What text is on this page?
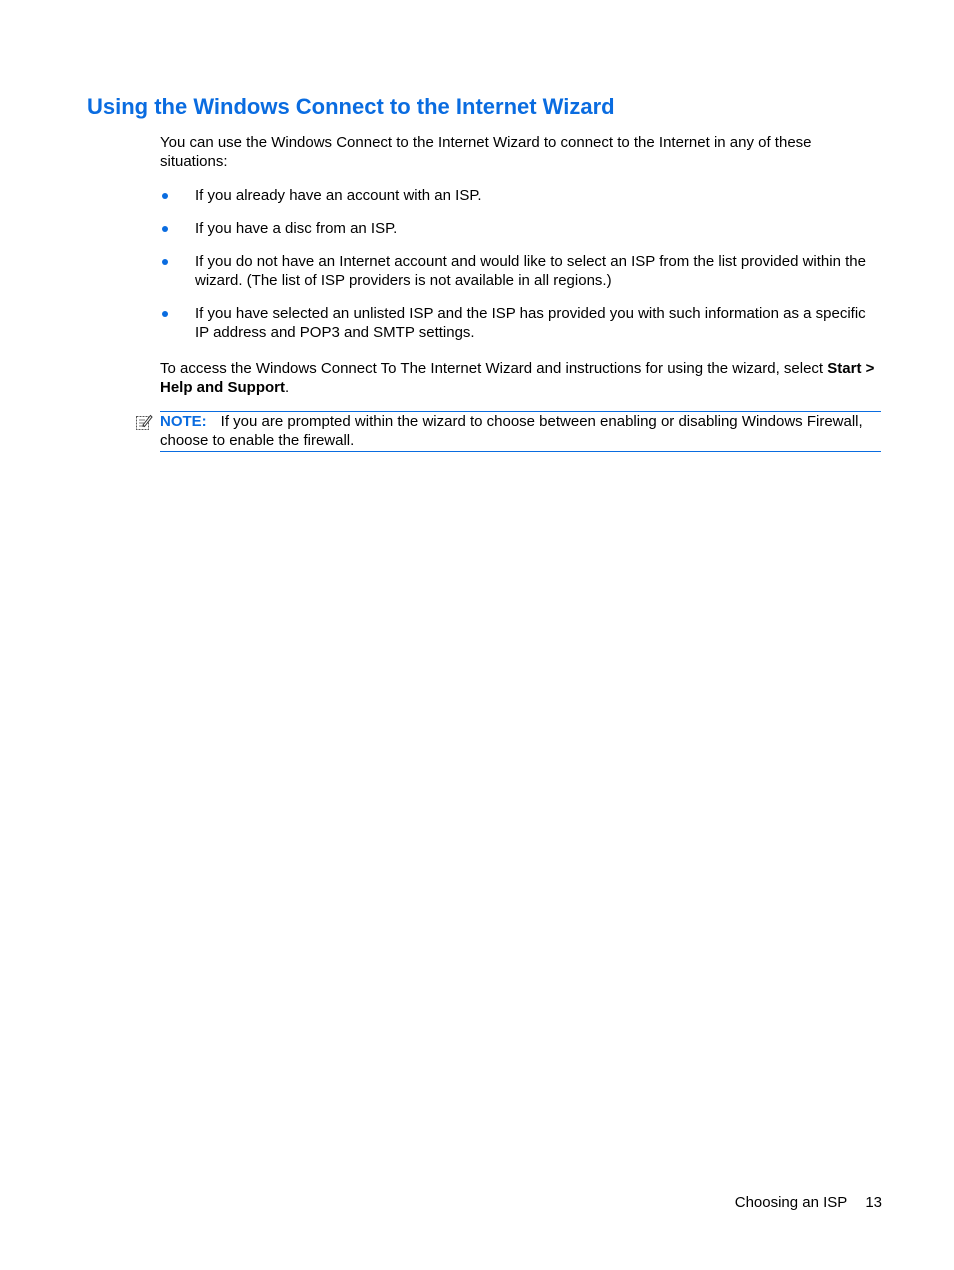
Using the Windows Connect to the Internet Wizard

You can use the Windows Connect to the Internet Wizard to connect to the Internet in any of these situations:

If you already have an account with an ISP.
If you have a disc from an ISP.
If you do not have an Internet account and would like to select an ISP from the list provided within the wizard. (The list of ISP providers is not available in all regions.)
If you have selected an unlisted ISP and the ISP has provided you with such information as a specific IP address and POP3 and SMTP settings.

To access the Windows Connect To The Internet Wizard and instructions for using the wizard, select Start > Help and Support.

NOTE: If you are prompted within the wizard to choose between enabling or disabling Windows Firewall, choose to enable the firewall.
Choosing an ISP 13
